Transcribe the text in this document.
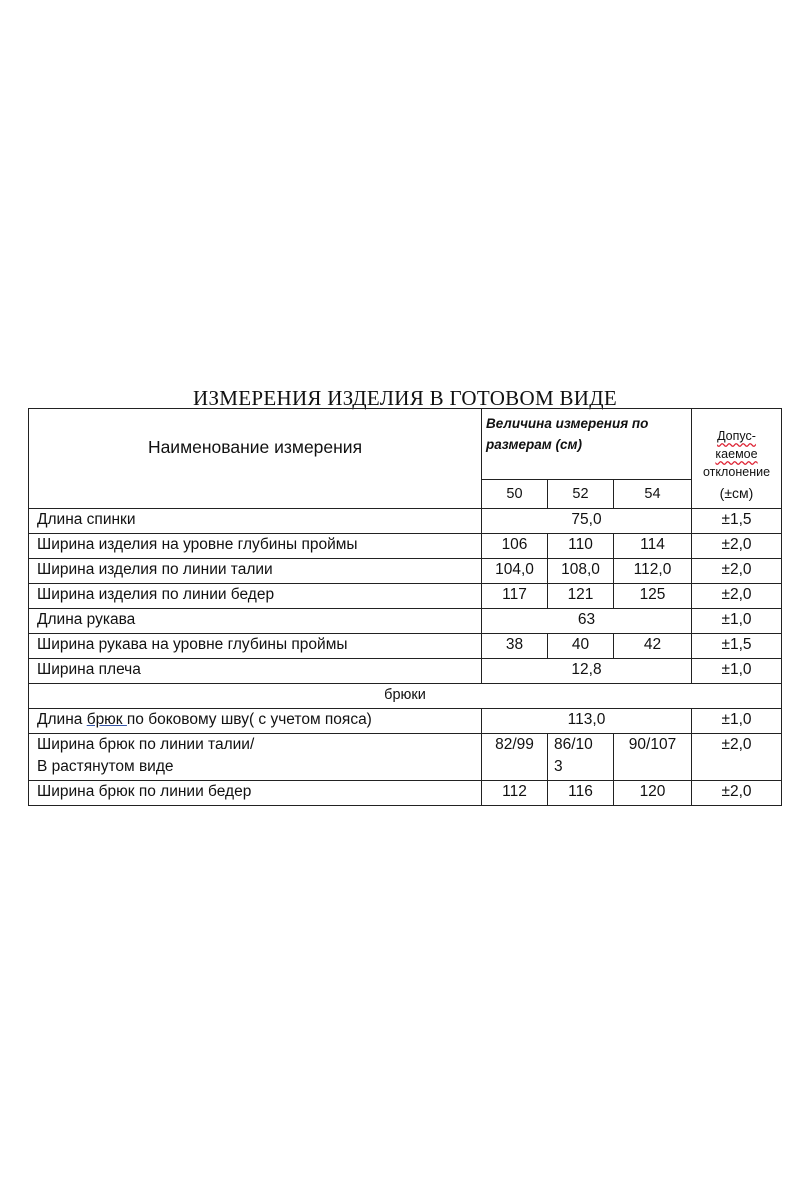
ИЗМЕРЕНИЯ ИЗДЕЛИЯ В ГОТОВОМ ВИДЕ
Наименование измерения	Величина измерения по размерам (см)			Допус-
каемое
отклонение
(±см)

	50	52	54	
Длина спинки	75,0			±1,5
Ширина изделия на уровне глубины проймы	106	110	114	±2,0
Ширина изделия по линии талии	104,0	108,0	112,0	±2,0
Ширина изделия по линии бедер	117	121	125	±2,0
Длина рукава	63			±1,0
Ширина рукава на уровне глубины проймы	38	40	42	±1,5
Ширина плеча	12,8			±1,0
брюки				
Длина брюк по боковому шву( с учетом пояса)	113,0			±1,0

Ширина брюк по линии талии/
В растянутом виде	82/99	86/103	90/107	±2,0
Ширина брюк по линии бедер	112	116	120	±2,0
